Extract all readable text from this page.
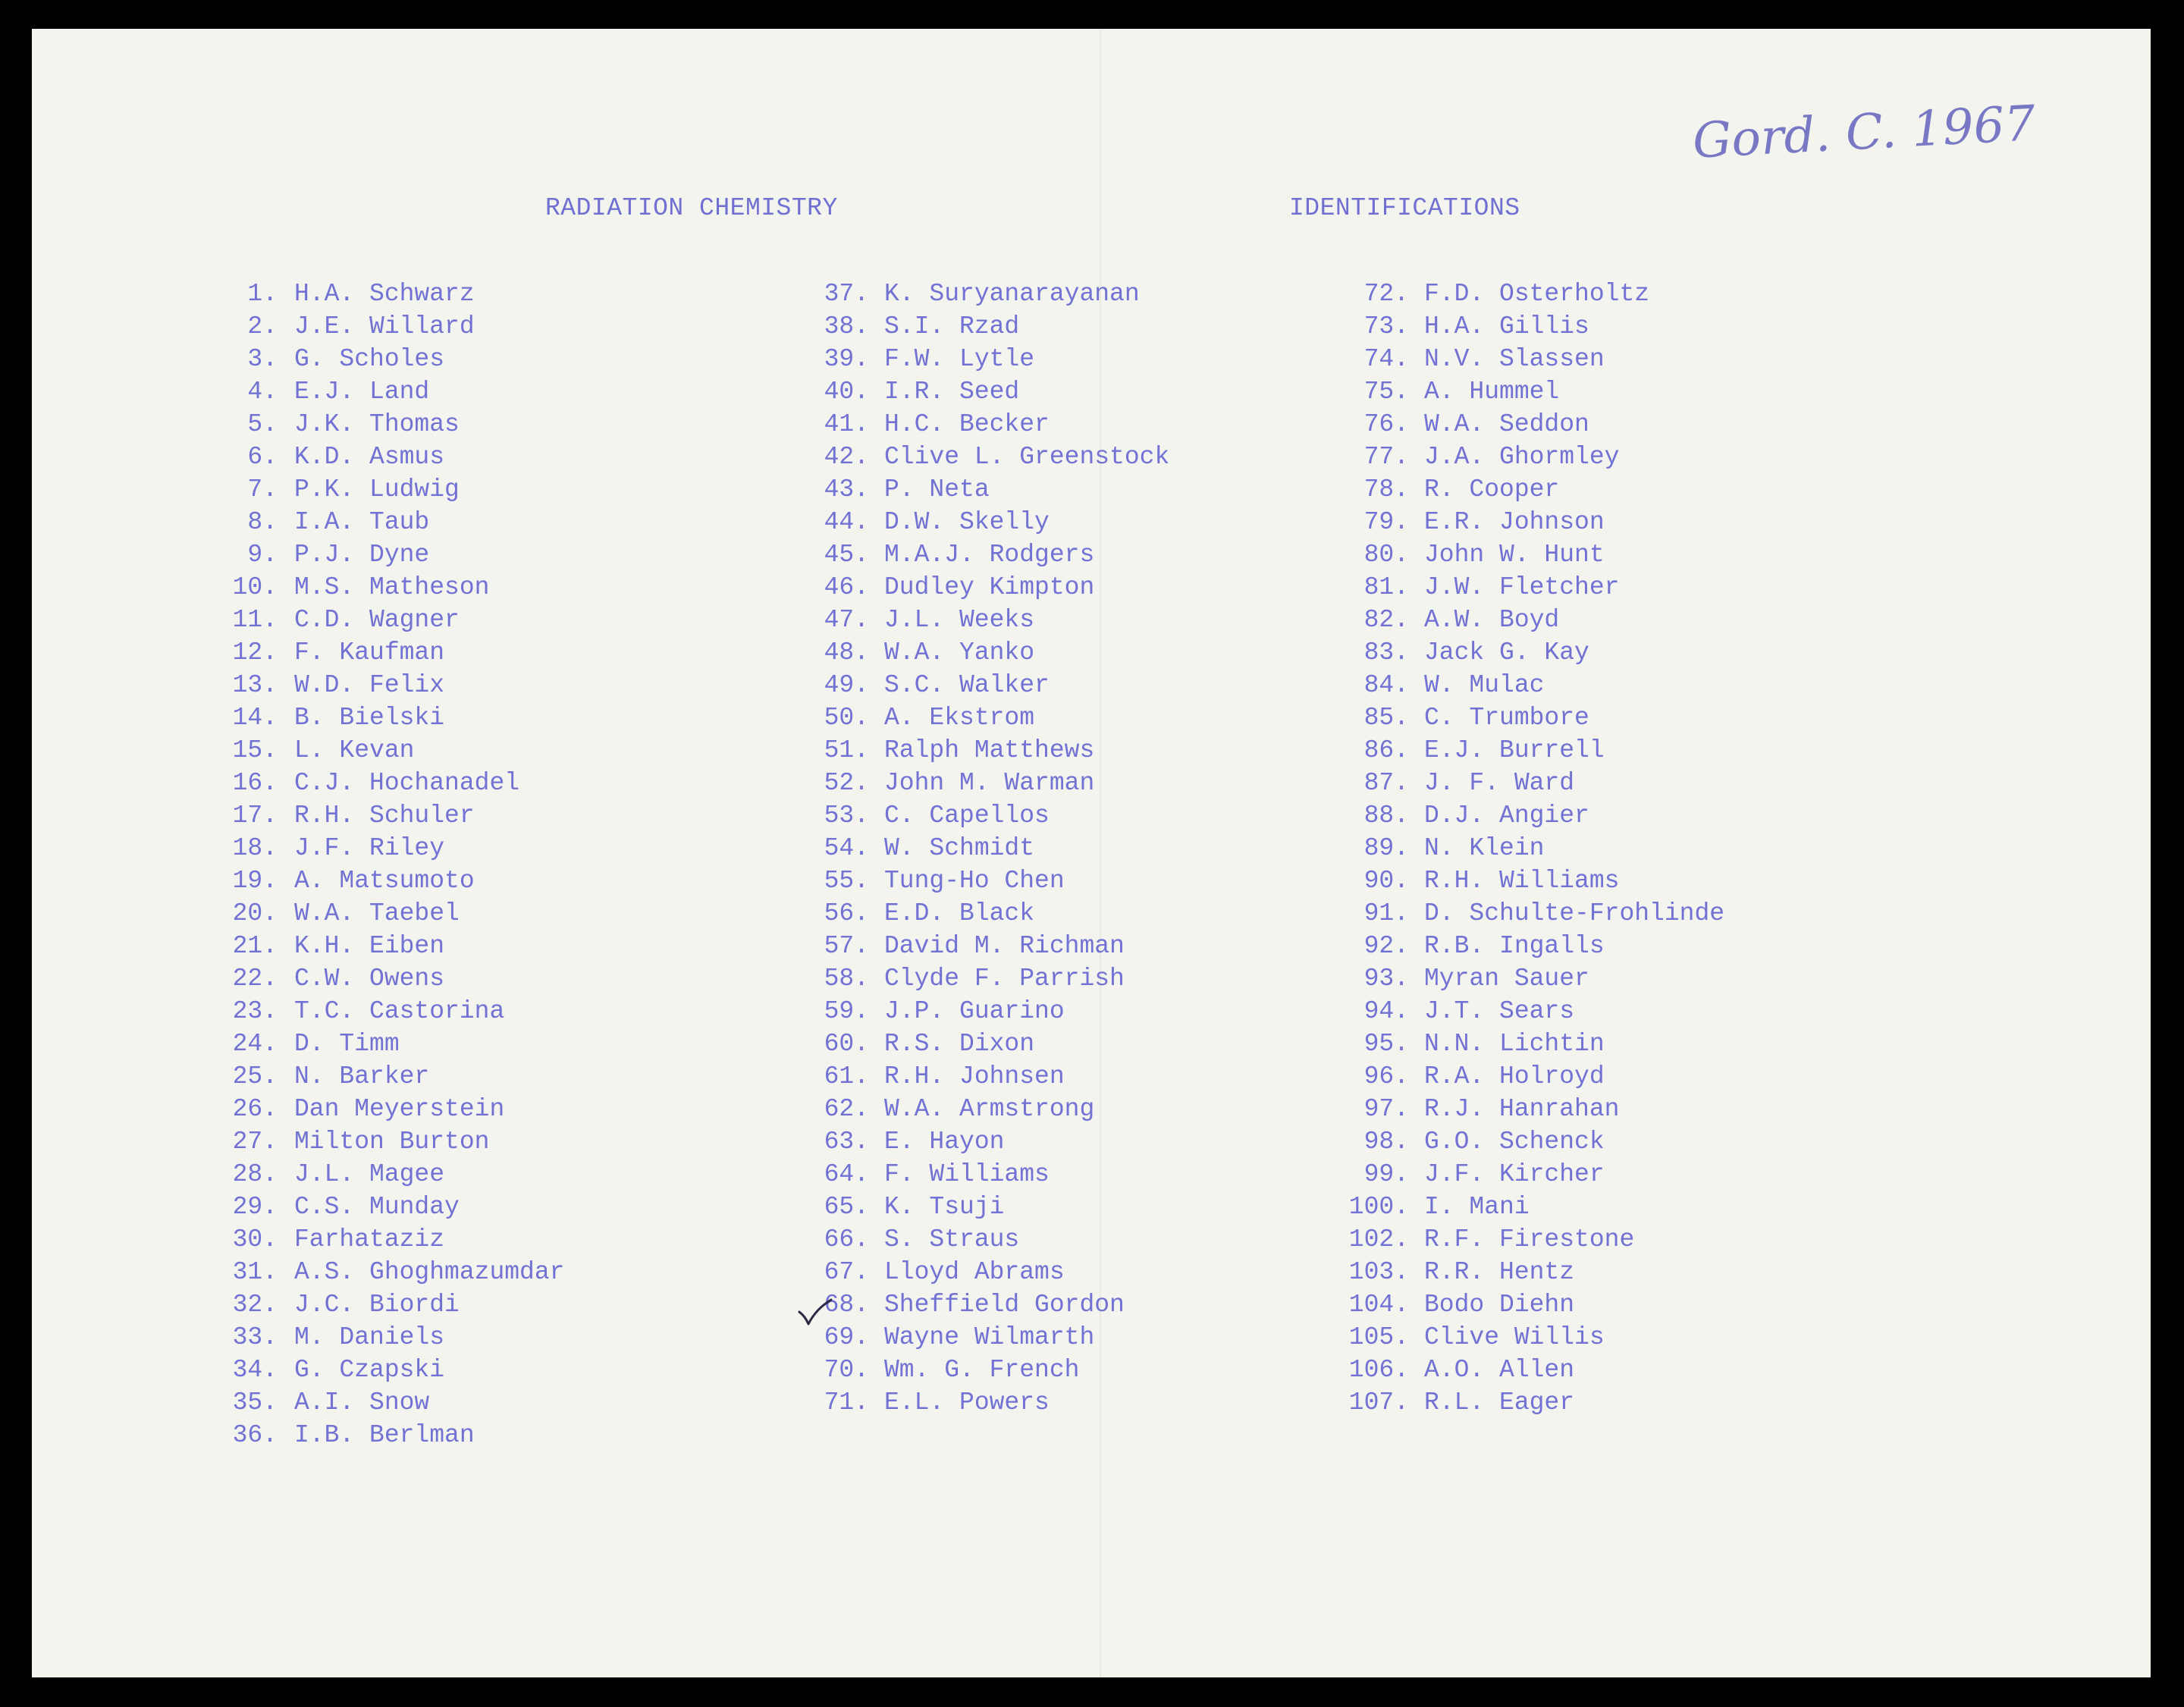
Gord. C. 1967
RADIATION CHEMISTRY	IDENTIFICATIONS
1. H.A. Schwarz
2. J.E. Willard
3. G. Scholes
4. E.J. Land
5. J.K. Thomas
6. K.D. Asmus
7. P.K. Ludwig
8. I.A. Taub
9. P.J. Dyne
10. M.S. Matheson
11. C.D. Wagner
12. F. Kaufman
13. W.D. Felix
14. B. Bielski
15. L. Kevan
16. C.J. Hochanadel
17. R.H. Schuler
18. J.F. Riley
19. A. Matsumoto
20. W.A. Taebel
21. K.H. Eiben
22. C.W. Owens
23. T.C. Castorina
24. D. Timm
25. N. Barker
26. Dan Meyerstein
27. Milton Burton
28. J.L. Magee
29. C.S. Munday
30. Farhataziz
31. A.S. Ghoghmazumdar
32. J.C. Biordi
33. M. Daniels
34. G. Czapski
35. A.I. Snow
36. I.B. Berlman
37. K. Suryanarayanan
38. S.I. Rzad
39. F.W. Lytle
40. I.R. Seed
41. H.C. Becker
42. Clive L. Greenstock
43. P. Neta
44. D.W. Skelly
45. M.A.J. Rodgers
46. Dudley Kimpton
47. J.L. Weeks
48. W.A. Yanko
49. S.C. Walker
50. A. Ekstrom
51. Ralph Matthews
52. John M. Warman
53. C. Capellos
54. W. Schmidt
55. Tung-Ho Chen
56. E.D. Black
57. David M. Richman
58. Clyde F. Parrish
59. J.P. Guarino
60. R.S. Dixon
61. R.H. Johnsen
62. W.A. Armstrong
63. E. Hayon
64. F. Williams
65. K. Tsuji
66. S. Straus
67. Lloyd Abrams
68. Sheffield Gordon
69. Wayne Wilmarth
70. Wm. G. French
71. E.L. Powers
72. F.D. Osterholtz
73. H.A. Gillis
74. N.V. Slassen
75. A. Hummel
76. W.A. Seddon
77. J.A. Ghormley
78. R. Cooper
79. E.R. Johnson
80. John W. Hunt
81. J.W. Fletcher
82. A.W. Boyd
83. Jack G. Kay
84. W. Mulac
85. C. Trumbore
86. E.J. Burrell
87. J. F. Ward
88. D.J. Angier
89. N. Klein
90. R.H. Williams
91. D. Schulte-Frohlinde
92. R.B. Ingalls
93. Myran Sauer
94. J.T. Sears
95. N.N. Lichtin
96. R.A. Holroyd
97. R.J. Hanrahan
98. G.O. Schenck
99. J.F. Kircher
100. I. Mani
102. R.F. Firestone
103. R.R. Hentz
104. Bodo Diehn
105. Clive Willis
106. A.O. Allen
107. R.L. Eager
